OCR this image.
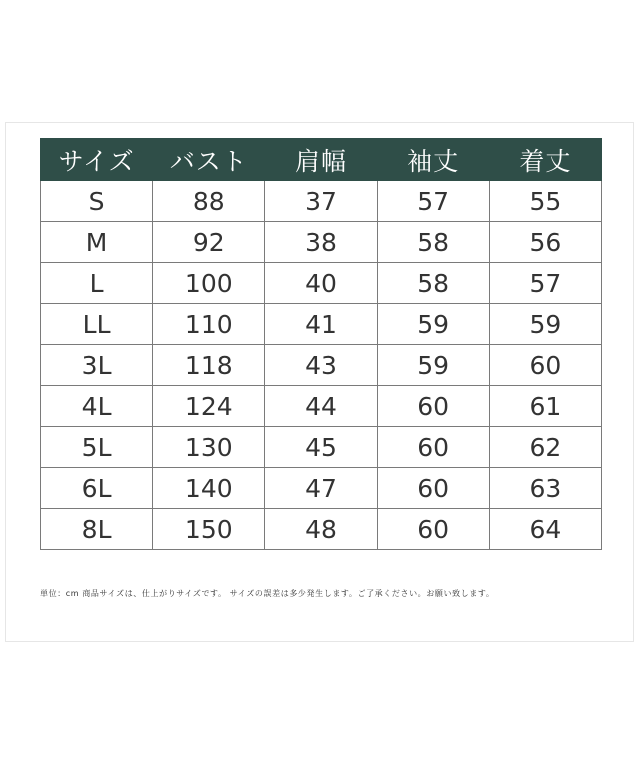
サイズ	バスト	肩幅	袖丈	着丈
S	88	37	57	55
M	92	38	58	56
L	100	40	58	57
LL	110	41	59	59
3L	118	43	59	60
4L	124	44	60	61
5L	130	45	60	62
6L	140	47	60	63
8L	150	48	60	64
単位：cm 商品サイズは、仕上がりサイズです。 サイズの誤差は多少発生します。ご了承ください。お願い致します。
